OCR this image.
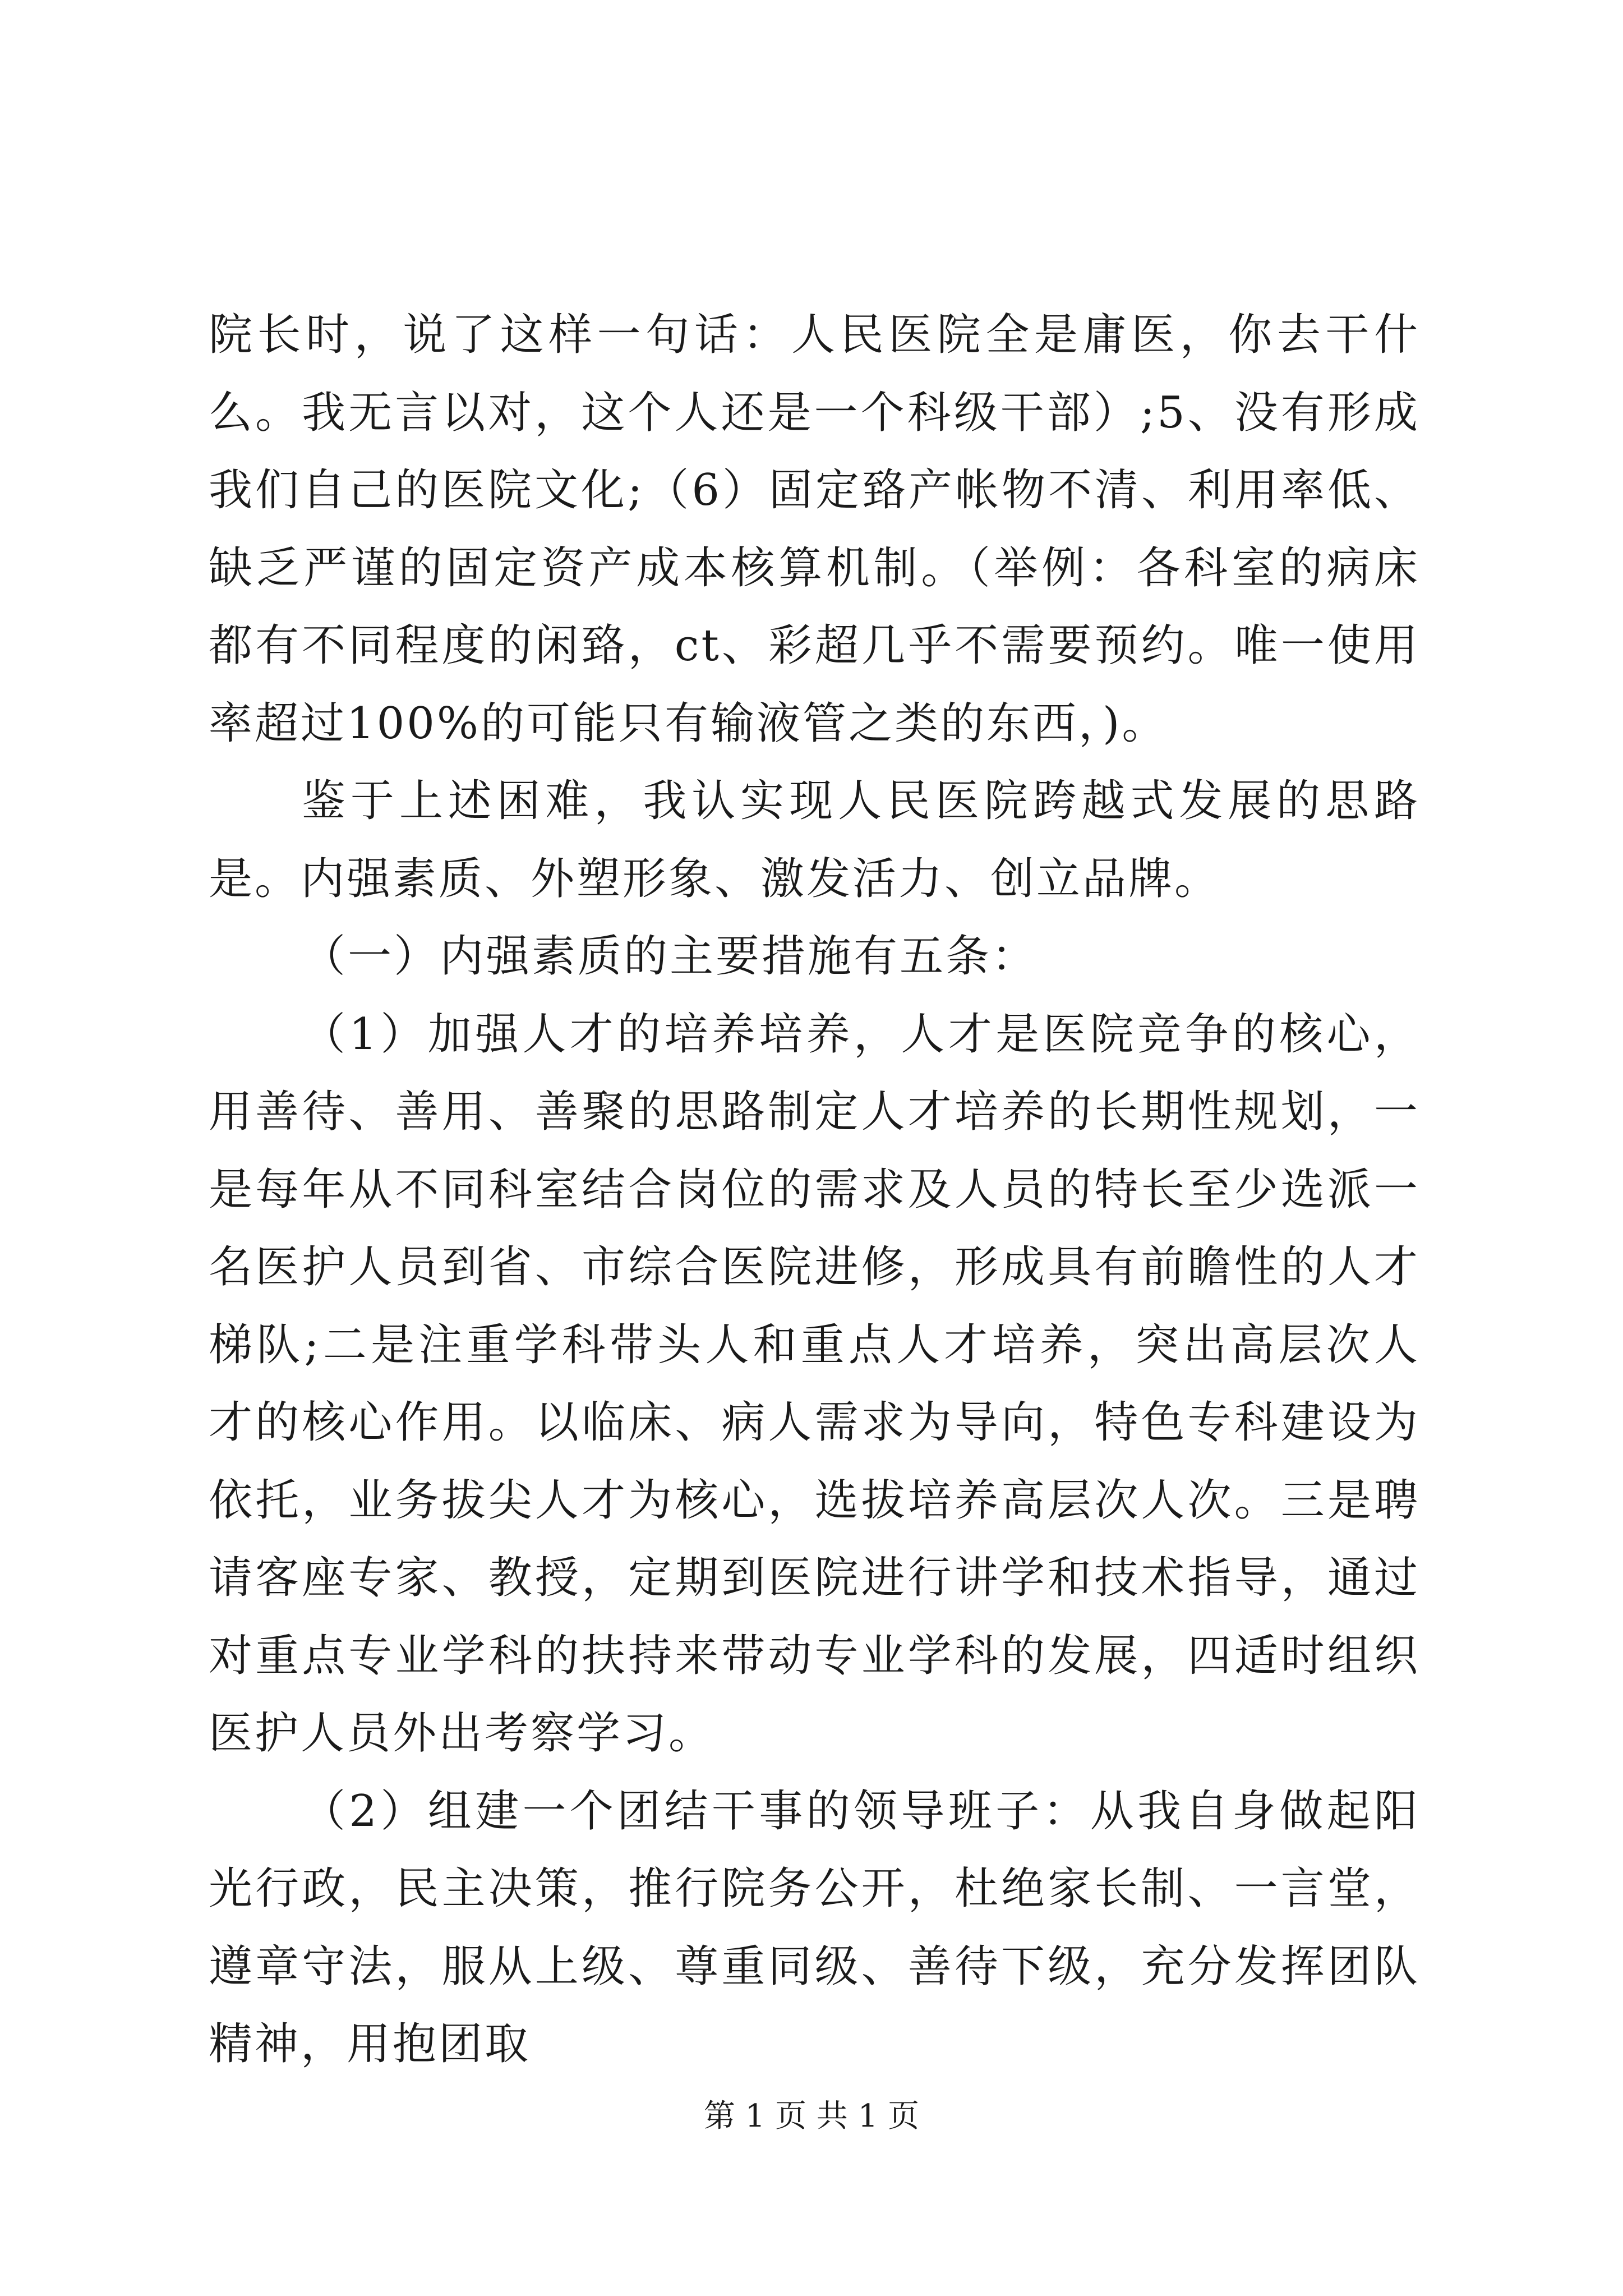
院长时，说了这样一句话：人民医院全是庸医，你去干什么。我无言以对，这个人还是一个科级干部）;5、没有形成我们自己的医院文化;（6）固定臵产帐物不清、利用率低、缺乏严谨的固定资产成本核算机制。（举例：各科室的病床都有不同程度的闲臵，ct、彩超几乎不需要预约。唯一使用率超过100%的可能只有输液管之类的东西，)。

鉴于上述困难，我认实现人民医院跨越式发展的思路是。内强素质、外塑形象、激发活力、创立品牌。

（一）内强素质的主要措施有五条：

（1）加强人才的培养培养，人才是医院竞争的核心，用善待、善用、善聚的思路制定人才培养的长期性规划，一是每年从不同科室结合岗位的需求及人员的特长至少选派一名医护人员到省、市综合医院进修，形成具有前瞻性的人才梯队;二是注重学科带头人和重点人才培养，突出高层次人才的核心作用。以临床、病人需求为导向，特色专科建设为依托，业务拔尖人才为核心，选拔培养高层次人次。三是聘请客座专家、教授，定期到医院进行讲学和技术指导，通过对重点专业学科的扶持来带动专业学科的发展，四适时组织医护人员外出考察学习。

（2）组建一个团结干事的领导班子：从我自身做起阳光行政，民主决策，推行院务公开，杜绝家长制、一言堂，遵章守法，服从上级、尊重同级、善待下级，充分发挥团队精神，用抱团取

第 1 页 共 1 页
